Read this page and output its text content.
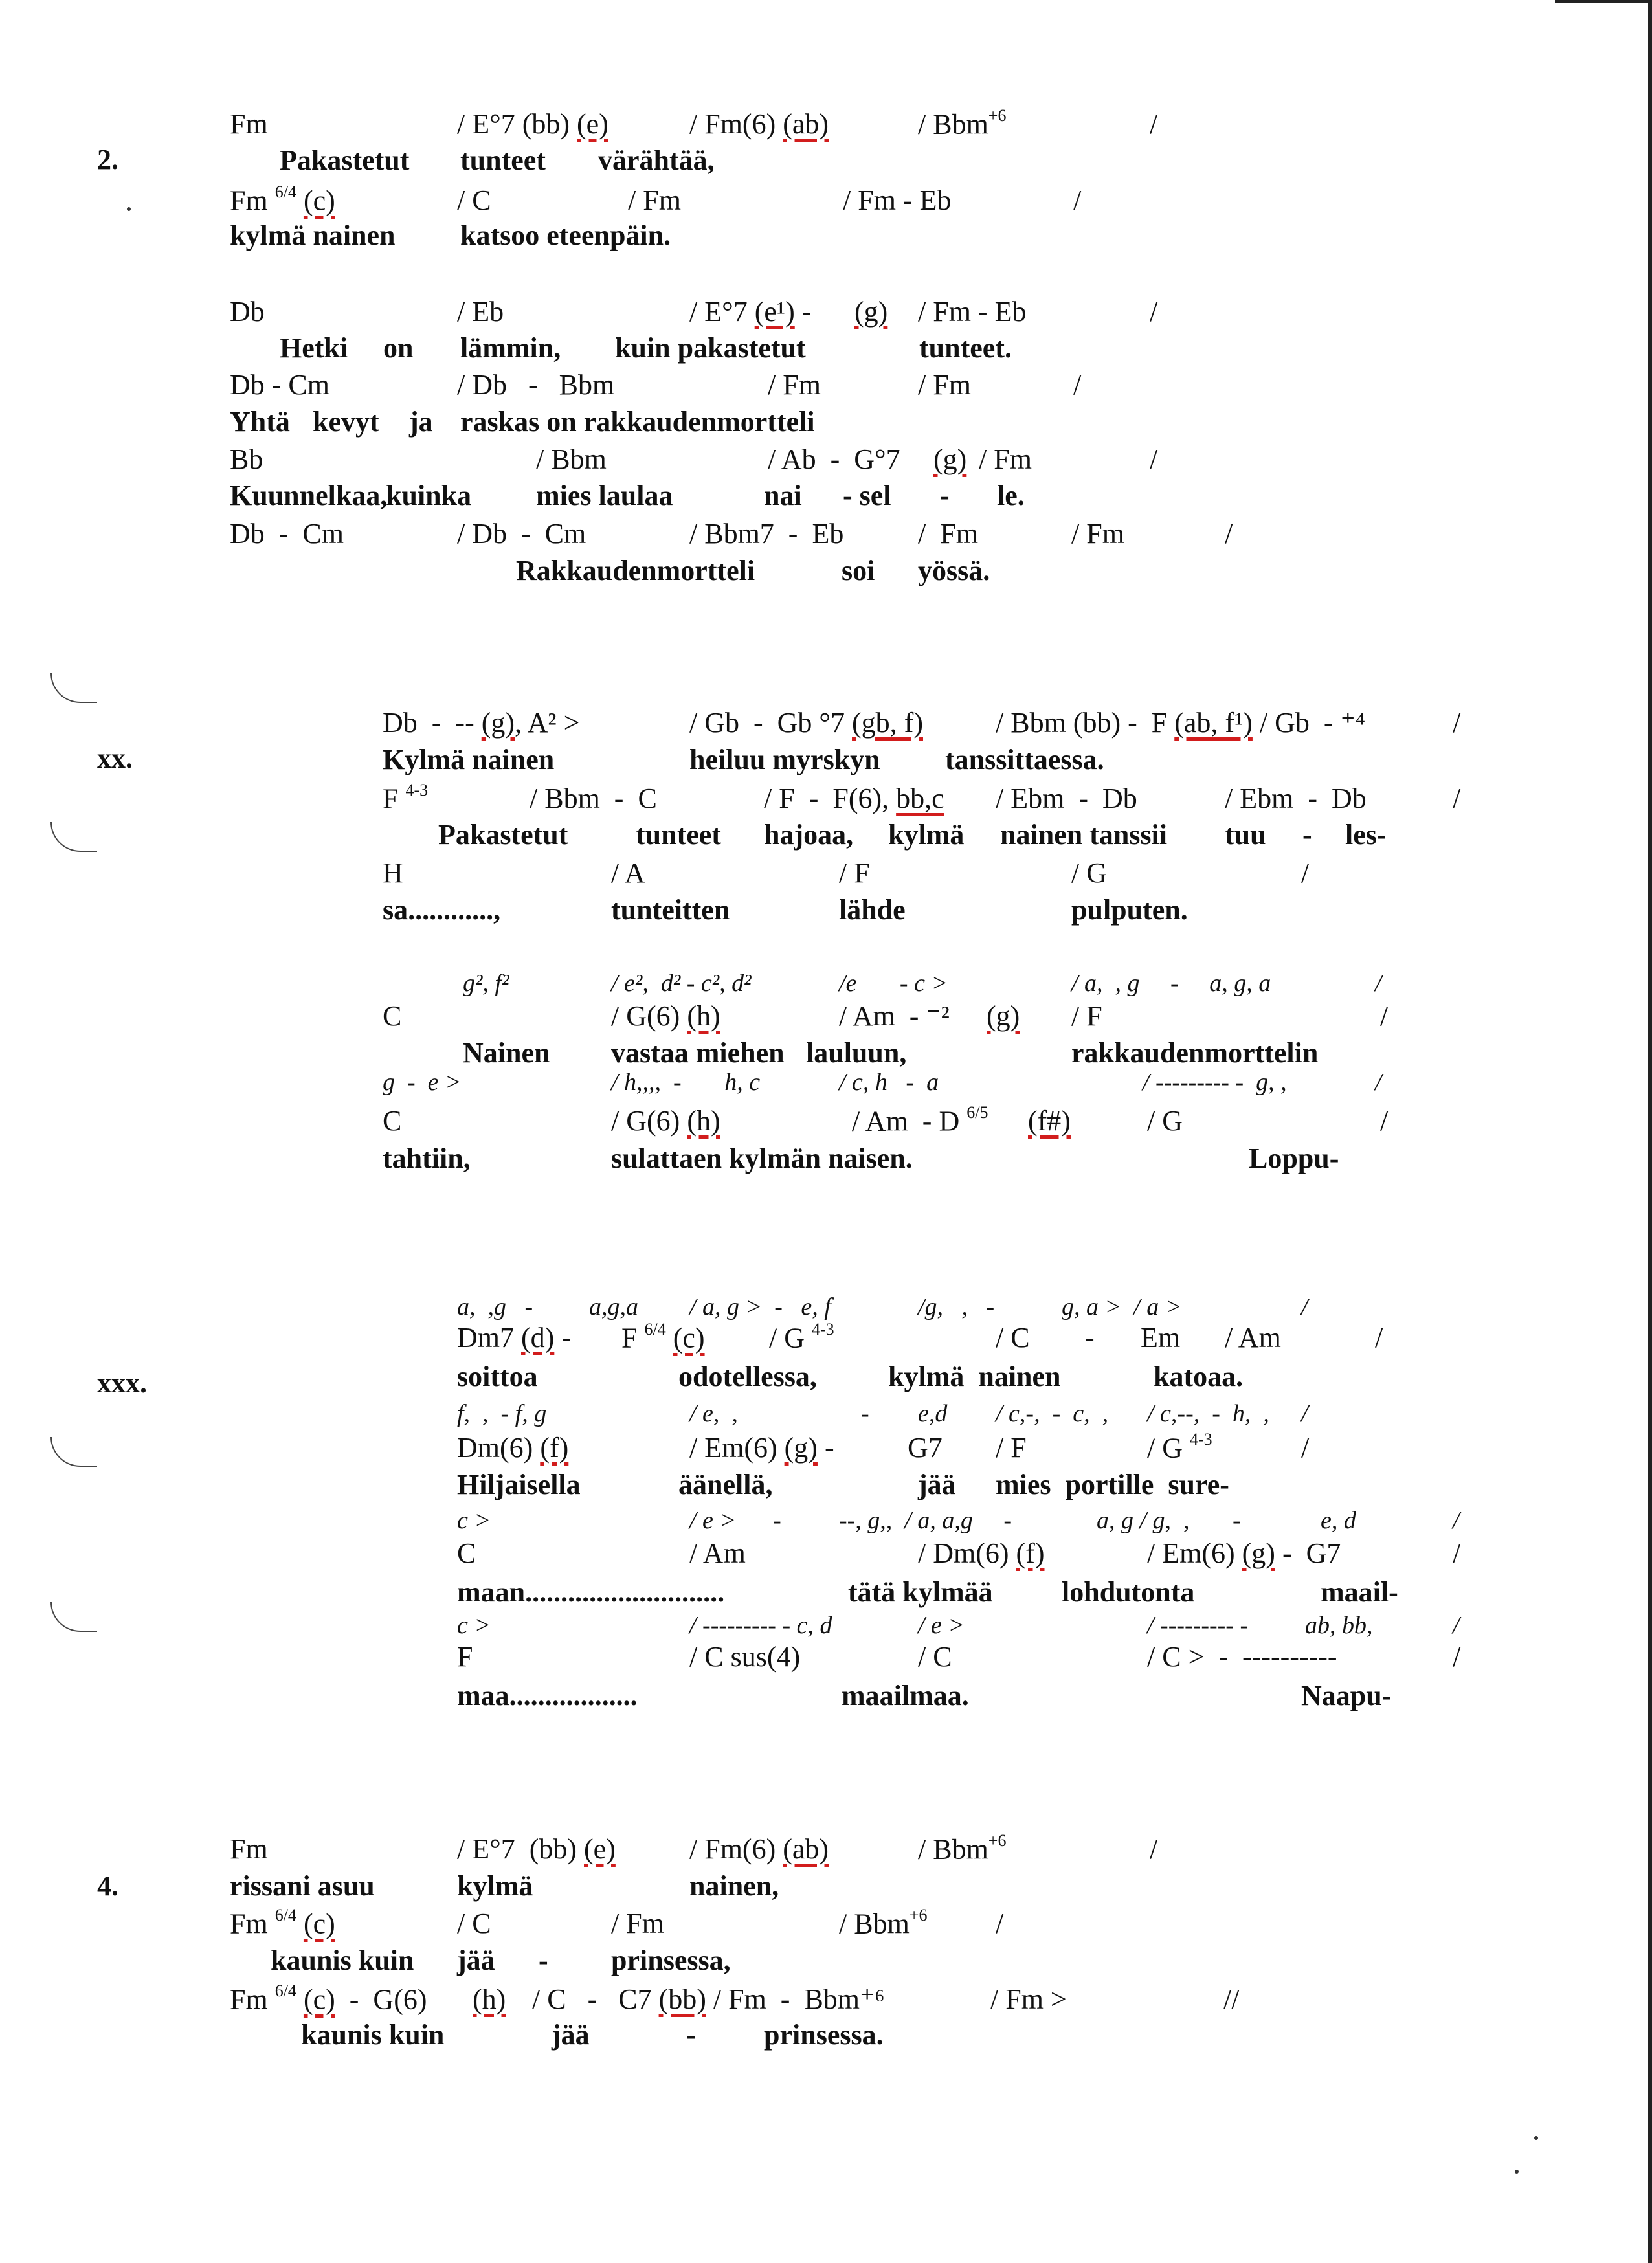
2.
Fm	/ E°7 (bb) (e)	/ Fm(6) (ab)	/ Bbm$^{+6}$	/
Pakastetut tunteet värähtää,
Fm $^{6/4}$ (c)	/ C	/ Fm	/ Fm - Eb	/
kylmä nainen katsoo eteenpäin.
Db	/ Eb	/ E°7 (e¹) - (g) / Fm - Eb	/
Hetki on lämmin, kuin pakastetut	tunteet.
Db - Cm	/ Db   -   Bbm	/ Fm	/ Fm	/
Yhtä kevyt ja raskas on rakkaudenmortteli
Bb	/ Bbm	/ Ab  -  G°7 (g) / Fm	/
Kuunnelkaa,
kuinka mies laulaa	nai - sel - le.
Db  -  Cm	/ Db  -  Cm	/ Bbm7  -  Eb	/  Fm	/ Fm	/
Rakkaudenmortteli	soi yössä.
xx.
Db  -  -- (g), A² >	/ Gb  -  Gb °7 (gb, f)	/ Bbm (bb) -  F (ab, f¹) / Gb  - ⁺⁴	/
Kylmä nainen	heiluu myrskyn tanssittaessa.
F $^{4-3}$	/ Bbm  -  C	/ F  -  F(6), bb,c / Ebm  -  Db	/ Ebm  -  Db	/
Pakastetut tunteet hajoaa, kylmä nainen tanssii tuu - les-
H	/ A	/ F	/ G	/
sa............,	tunteitten	lähde	pulputen.
g², f²	/ e²,  d² - c², d²	/e       - c >	/ a,  , g     -     a, g, a	/
C	/ G(6) (h)	/ Am  - ⁻² (g) / F	/
Nainen vastaa miehen lauluun,	rakkaudenmorttelin
g  -  e >	/ h,,,,  -       h, c	/ c, h   -  a	/ --------- -  g, ,	/
C	/ G(6) (h)	/ Am  - D $^{6/5}$ (f#)	/ G	/
tahtiin,	sulattaen kylmän naisen.	Loppu-
xxx.
a,  ,g   - a,g,a / a, g >  -   e, f	/g,   ,   -	g, a >  / a >	/
Dm7 (d) - F $^{6/4}$ (c) / G $^{4-3}$	/ C - Em / Am	/
soittoa	odotellessa,	kylmä  nainen	katoaa.
f,  ,  - f, g	/ e,  ,	- e,d / c,-,  -  c,  , / c,--,  -  h,  , /
Dm(6) (f)	/ Em(6) (g) -	G7 / F	/ G $^{4-3}$	/
Hiljaisella	äänellä,	jää mies  portille  sure-
c >	/ e >      - --, g,,  / a, a,g     -	a, g / g,  ,       -	e, d	/
C	/ Am	/ Dm(6) (f)	/ Em(6) (g) -  G7	/
maan............................	tätä kylmää lohdutonta	maail-
c >	/ --------- - c, d	/ e >	/ --------- - ab, bb,	/
F	/ C sus(4)	/ C	/ C >  -  ----------	/
maa..................	maailmaa.	Naapu-
4.
Fm	/ E°7  (bb) (e)	/ Fm(6) (ab)	/ Bbm$^{+6}$	/
rissani asuu	kylmä	nainen,
Fm $^{6/4}$ (c)	/ C	/ Fm	/ Bbm$^{+6}$ /
kaunis kuin jää - prinsessa,
Fm $^{6/4}$ (c)  -  G(6) (h) / C   -   C7 (bb) / Fm  -  Bbm⁺⁶	/ Fm >	//
kaunis kuin	jää	- prinsessa.
